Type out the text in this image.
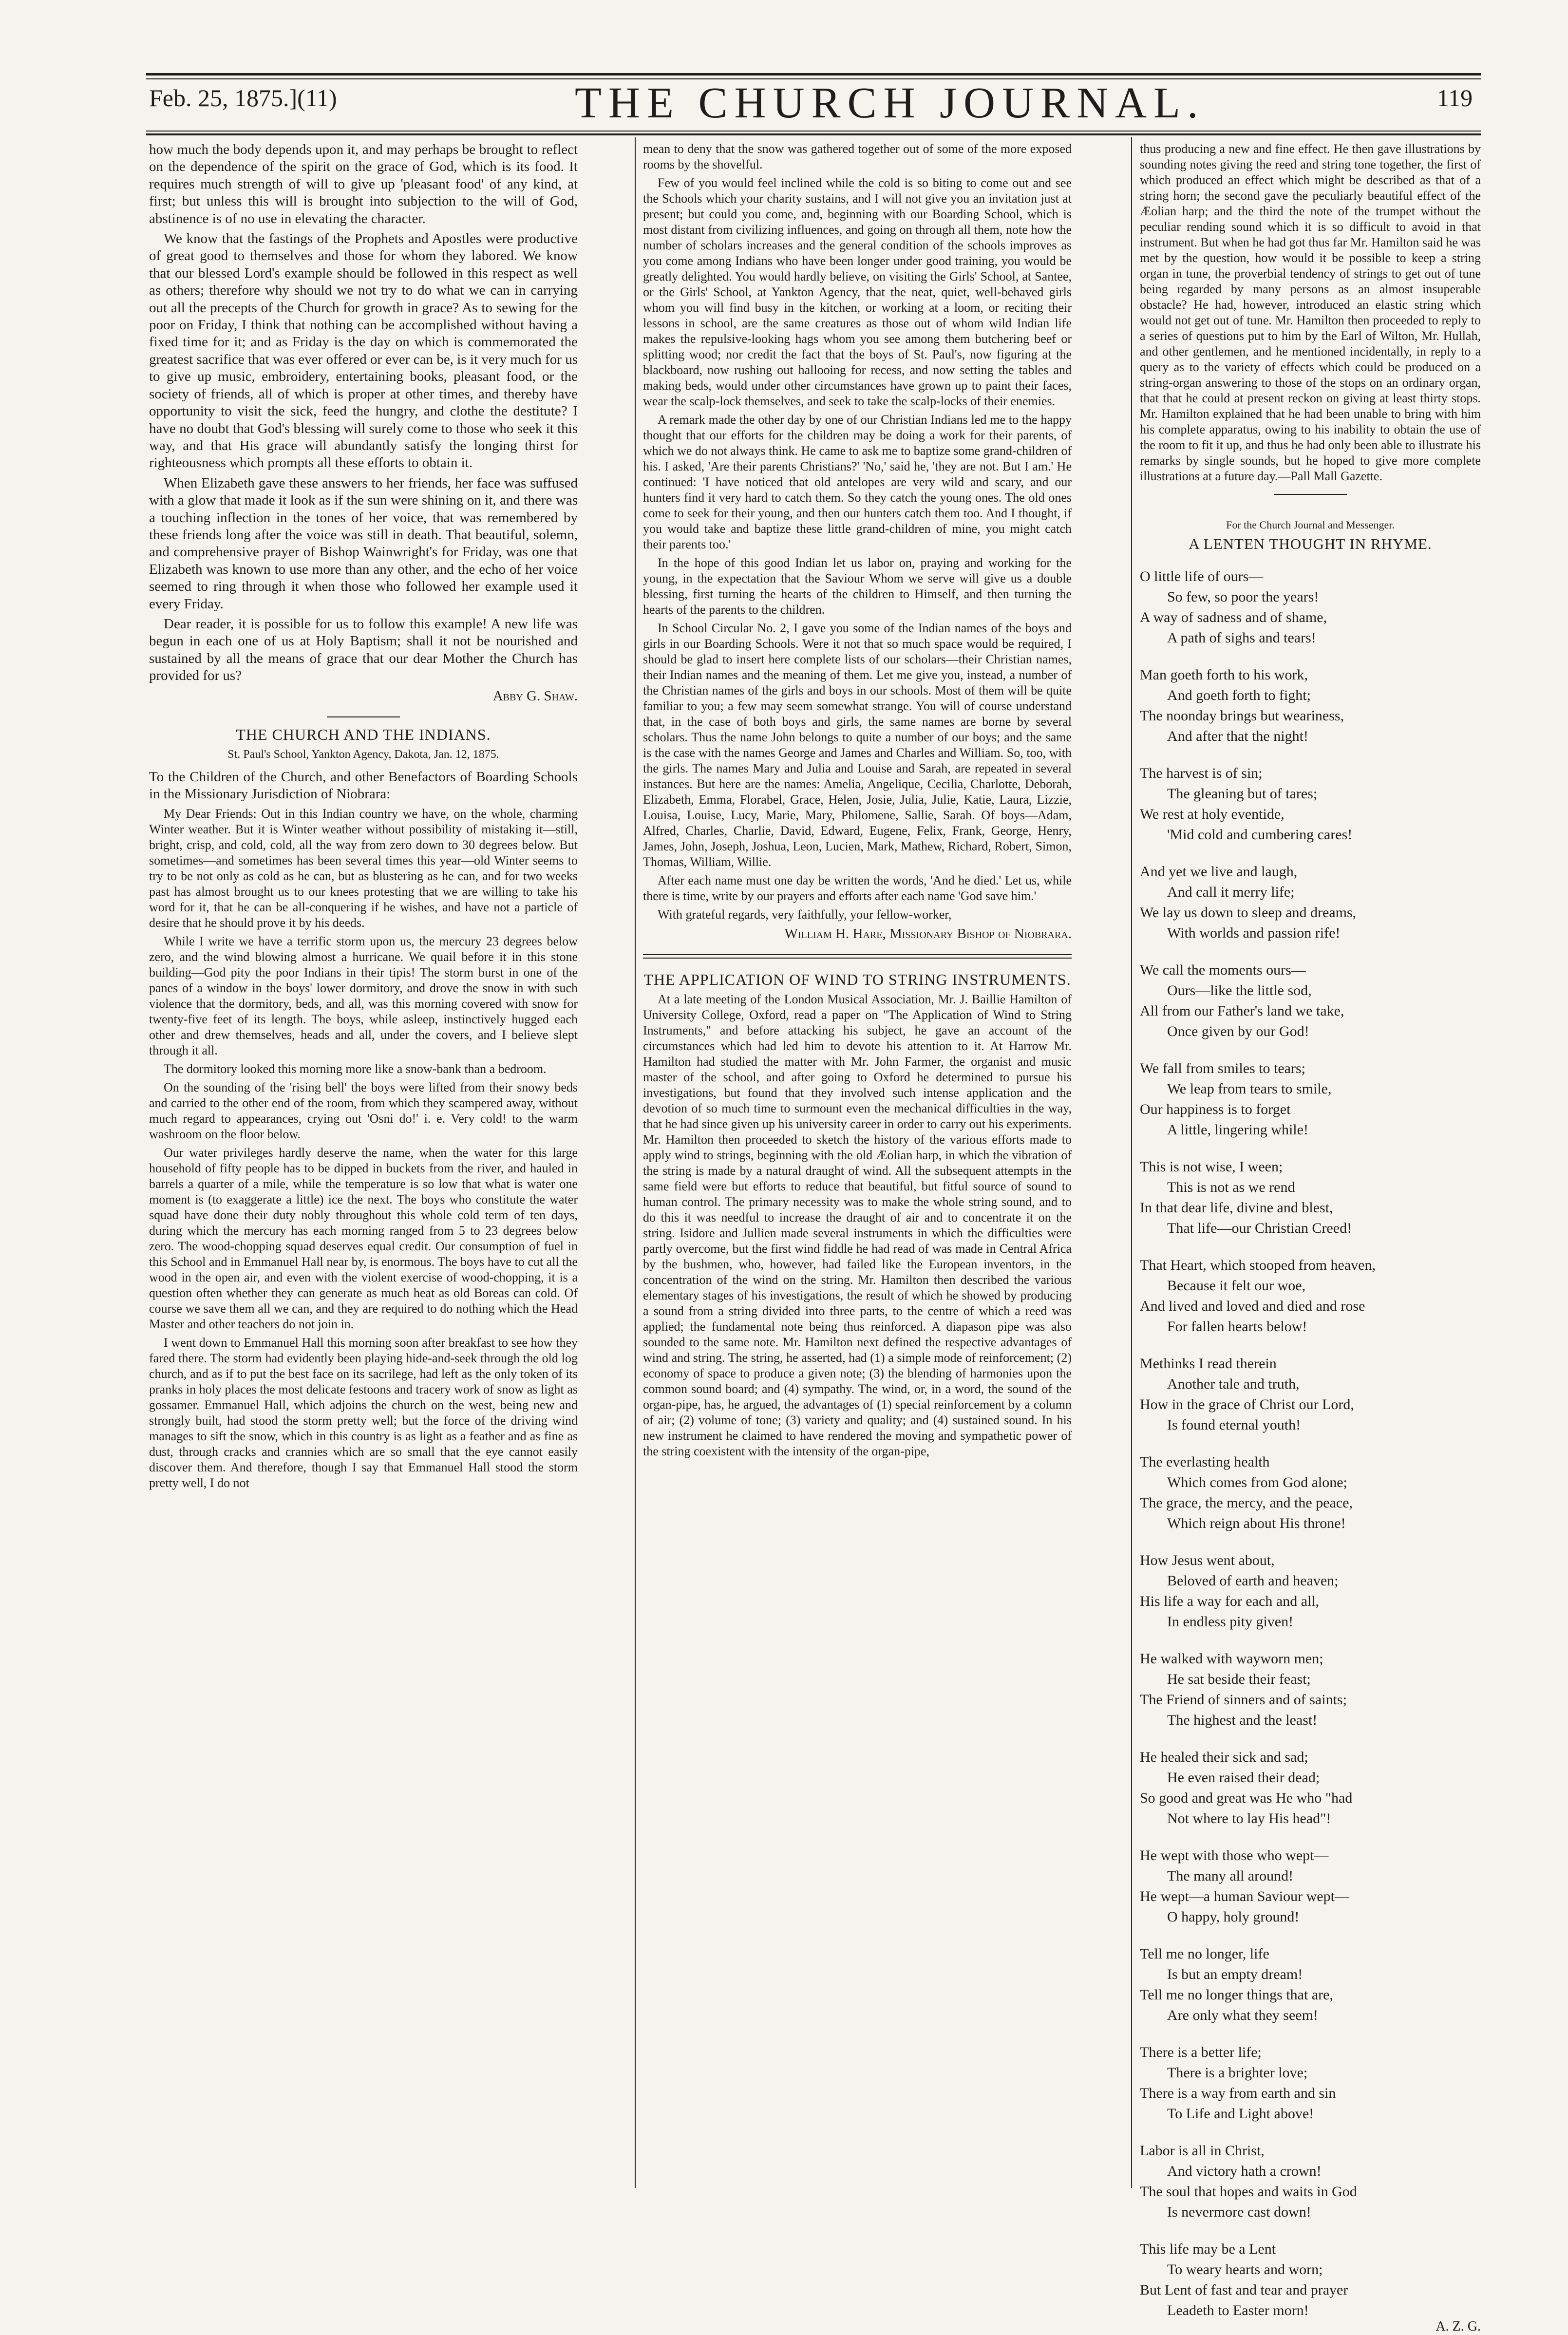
Feb. 25, 1875.](11)	THE CHURCH JOURNAL.	119

how much the body depends upon it, and may perhaps be brought to reflect on the dependence of the spirit on the grace of God, which is its food. It requires much strength of will to give up 'pleasant food' of any kind, at first; but unless this will is brought into subjection to the will of God, abstinence is of no use in elevating the character.

We know that the fastings of the Prophets and Apostles were productive of great good to themselves and those for whom they labored. We know that our blessed Lord's example should be followed in this respect as well as others; therefore why should we not try to do what we can in carrying out all the precepts of the Church for growth in grace? As to sewing for the poor on Friday, I think that nothing can be accomplished without having a fixed time for it; and as Friday is the day on which is commemorated the greatest sacrifice that was ever offered or ever can be, is it very much for us to give up music, embroidery, entertaining books, pleasant food, or the society of friends, all of which is proper at other times, and thereby have opportunity to visit the sick, feed the hungry, and clothe the destitute? I have no doubt that God's blessing will surely come to those who seek it this way, and that His grace will abundantly satisfy the longing thirst for righteousness which prompts all these efforts to obtain it.

When Elizabeth gave these answers to her friends, her face was suffused with a glow that made it look as if the sun were shining on it, and there was a touching inflection in the tones of her voice, that was remembered by these friends long after the voice was still in death. That beautiful, solemn, and comprehensive prayer of Bishop Wainwright's for Friday, was one that Elizabeth was known to use more than any other, and the echo of her voice seemed to ring through it when those who followed her example used it every Friday.

Dear reader, it is possible for us to follow this example! A new life was begun in each one of us at Holy Baptism; shall it not be nourished and sustained by all the means of grace that our dear Mother the Church has provided for us?

Abby G. Shaw.
THE CHURCH AND THE INDIANS.
St. Paul's School, Yankton Agency, Dakota, Jan. 12, 1875.

To the Children of the Church, and other Benefactors of Boarding Schools in the Missionary Jurisdiction of Niobrara:

My Dear Friends: Out in this Indian country we have, on the whole, charming Winter weather. But it is Winter weather without possibility of mistaking it—still, bright, crisp, and cold, cold, all the way from zero down to 30 degrees below. But sometimes—and sometimes has been several times this year—old Winter seems to try to be not only as cold as he can, but as blustering as he can, and for two weeks past has almost brought us to our knees protesting that we are willing to take his word for it, that he can be all-conquering if he wishes, and have not a particle of desire that he should prove it by his deeds.

While I write we have a terrific storm upon us, the mercury 23 degrees below zero, and the wind blowing almost a hurricane. We quail before it in this stone building—God pity the poor Indians in their tipis! The storm burst in one of the panes of a window in the boys' lower dormitory, and drove the snow in with such violence that the dormitory, beds, and all, was this morning covered with snow for twenty-five feet of its length. The boys, while asleep, instinctively hugged each other and drew themselves, heads and all, under the covers, and I believe slept through it all.

The dormitory looked this morning more like a snow-bank than a bedroom.

On the sounding of the 'rising bell' the boys were lifted from their snowy beds and carried to the other end of the room, from which they scampered away, without much regard to appearances, crying out 'Osni do!' i. e. Very cold! to the warm washroom on the floor below.

Our water privileges hardly deserve the name, when the water for this large household of fifty people has to be dipped in buckets from the river, and hauled in barrels a quarter of a mile, while the temperature is so low that what is water one moment is (to exaggerate a little) ice the next. The boys who constitute the water squad have done their duty nobly throughout this whole cold term of ten days, during which the mercury has each morning ranged from 5 to 23 degrees below zero. The wood-chopping squad deserves equal credit. Our consumption of fuel in this School and in Emmanuel Hall near by, is enormous. The boys have to cut all the wood in the open air, and even with the violent exercise of wood-chopping, it is a question often whether they can generate as much heat as old Boreas can cold. Of course we save them all we can, and they are required to do nothing which the Head Master and other teachers do not join in.

I went down to Emmanuel Hall this morning soon after breakfast to see how they fared there. The storm had evidently been playing hide-and-seek through the old log church, and as if to put the best face on its sacrilege, had left as the only token of its pranks in holy places the most delicate festoons and tracery work of snow as light as gossamer. Emmanuel Hall, which adjoins the church on the west, being new and strongly built, had stood the storm pretty well; but the force of the driving wind manages to sift the snow, which in this country is as light as a feather and as fine as dust, through cracks and crannies which are so small that the eye cannot easily discover them. And therefore, though I say that Emmanuel Hall stood the storm pretty well, I do not

mean to deny that the snow was gathered together out of some of the more exposed rooms by the shovelful.

Few of you would feel inclined while the cold is so biting to come out and see the Schools which your charity sustains, and I will not give you an invitation just at present; but could you come, and, beginning with our Boarding School, which is most distant from civilizing influences, and going on through all them, note how the number of scholars increases and the general condition of the schools improves as you come among Indians who have been longer under good training, you would be greatly delighted. You would hardly believe, on visiting the Girls' School, at Santee, or the Girls' School, at Yankton Agency, that the neat, quiet, well-behaved girls whom you will find busy in the kitchen, or working at a loom, or reciting their lessons in school, are the same creatures as those out of whom wild Indian life makes the repulsive-looking hags whom you see among them butchering beef or splitting wood; nor credit the fact that the boys of St. Paul's, now figuring at the blackboard, now rushing out hallooing for recess, and now setting the tables and making beds, would under other circumstances have grown up to paint their faces, wear the scalp-lock themselves, and seek to take the scalp-locks of their enemies.

A remark made the other day by one of our Christian Indians led me to the happy thought that our efforts for the children may be doing a work for their parents, of which we do not always think. He came to ask me to baptize some grand-children of his. I asked, 'Are their parents Christians?' 'No,' said he, 'they are not. But I am.' He continued: 'I have noticed that old antelopes are very wild and scary, and our hunters find it very hard to catch them. So they catch the young ones. The old ones come to seek for their young, and then our hunters catch them too. And I thought, if you would take and baptize these little grand-children of mine, you might catch their parents too.'

In the hope of this good Indian let us labor on, praying and working for the young, in the expectation that the Saviour Whom we serve will give us a double blessing, first turning the hearts of the children to Himself, and then turning the hearts of the parents to the children.

In School Circular No. 2, I gave you some of the Indian names of the boys and girls in our Boarding Schools. Were it not that so much space would be required, I should be glad to insert here complete lists of our scholars—their Christian names, their Indian names and the meaning of them. Let me give you, instead, a number of the Christian names of the girls and boys in our schools. Most of them will be quite familiar to you; a few may seem somewhat strange. You will of course understand that, in the case of both boys and girls, the same names are borne by several scholars. Thus the name John belongs to quite a number of our boys; and the same is the case with the names George and James and Charles and William. So, too, with the girls. The names Mary and Julia and Louise and Sarah, are repeated in several instances. But here are the names: Amelia, Angelique, Cecilia, Charlotte, Deborah, Elizabeth, Emma, Florabel, Grace, Helen, Josie, Julia, Julie, Katie, Laura, Lizzie, Louisa, Louise, Lucy, Marie, Mary, Philomene, Sallie, Sarah. Of boys—Adam, Alfred, Charles, Charlie, David, Edward, Eugene, Felix, Frank, George, Henry, James, John, Joseph, Joshua, Leon, Lucien, Mark, Mathew, Richard, Robert, Simon, Thomas, William, Willie.

After each name must one day be written the words, 'And he died.' Let us, while there is time, write by our prayers and efforts after each name 'God save him.'

With grateful regards, very faithfully, your fellow-worker,

William H. Hare, Missionary Bishop of Niobrara.
THE APPLICATION OF WIND TO STRING INSTRUMENTS.

At a late meeting of the London Musical Association, Mr. J. Baillie Hamilton of University College, Oxford, read a paper on "The Application of Wind to String Instruments," and before attacking his subject, he gave an account of the circumstances which had led him to devote his attention to it. At Harrow Mr. Hamilton had studied the matter with Mr. John Farmer, the organist and music master of the school, and after going to Oxford he determined to pursue his investigations, but found that they involved such intense application and the devotion of so much time to surmount even the mechanical difficulties in the way, that he had since given up his university career in order to carry out his experiments. Mr. Hamilton then proceeded to sketch the history of the various efforts made to apply wind to strings, beginning with the old Æolian harp, in which the vibration of the string is made by a natural draught of wind. All the subsequent attempts in the same field were but efforts to reduce that beautiful, but fitful source of sound to human control. The primary necessity was to make the whole string sound, and to do this it was needful to increase the draught of air and to concentrate it on the string. Isidore and Jullien made several instruments in which the difficulties were partly overcome, but the first wind fiddle he had read of was made in Central Africa by the bushmen, who, however, had failed like the European inventors, in the concentration of the wind on the string. Mr. Hamilton then described the various elementary stages of his investigations, the result of which he showed by producing a sound from a string divided into three parts, to the centre of which a reed was applied; the fundamental note being thus reinforced. A diapason pipe was also sounded to the same note. Mr. Hamilton next defined the respective advantages of wind and string. The string, he asserted, had (1) a simple mode of reinforcement; (2) economy of space to produce a given note; (3) the blending of harmonies upon the common sound board; and (4) sympathy. The wind, or, in a word, the sound of the organ-pipe, has, he argued, the advantages of (1) special reinforcement by a column of air; (2) volume of tone; (3) variety and quality; and (4) sustained sound. In his new instrument he claimed to have rendered the moving and sympathetic power of the string coexistent with the intensity of the organ-pipe,

thus producing a new and fine effect. He then gave illustrations by sounding notes giving the reed and string tone together, the first of which produced an effect which might be described as that of a string horn; the second gave the peculiarly beautiful effect of the Æolian harp; and the third the note of the trumpet without the peculiar rending sound which it is so difficult to avoid in that instrument. But when he had got thus far Mr. Hamilton said he was met by the question, how would it be possible to keep a string organ in tune, the proverbial tendency of strings to get out of tune being regarded by many persons as an almost insuperable obstacle? He had, however, introduced an elastic string which would not get out of tune. Mr. Hamilton then proceeded to reply to a series of questions put to him by the Earl of Wilton, Mr. Hullah, and other gentlemen, and he mentioned incidentally, in reply to a query as to the variety of effects which could be produced on a string-organ answering to those of the stops on an ordinary organ, that that he could at present reckon on giving at least thirty stops. Mr. Hamilton explained that he had been unable to bring with him his complete apparatus, owing to his inability to obtain the use of the room to fit it up, and thus he had only been able to illustrate his remarks by single sounds, but he hoped to give more complete illustrations at a future day.—Pall Mall Gazette.

For the Church Journal and Messenger.
A LENTEN THOUGHT IN RHYME.
O little life of ours—
So few, so poor the years!
A way of sadness and of shame,
A path of sighs and tears!
Man goeth forth to his work,
And goeth forth to fight;
The noonday brings but weariness,
And after that the night!
The harvest is of sin;
The gleaning but of tares;
We rest at holy eventide,
'Mid cold and cumbering cares!
And yet we live and laugh,
And call it merry life;
We lay us down to sleep and dreams,
With worlds and passion rife!
We call the moments ours—
Ours—like the little sod,
All from our Father's land we take,
Once given by our God!
We fall from smiles to tears;
We leap from tears to smile,
Our happiness is to forget
A little, lingering while!
This is not wise, I ween;
This is not as we rend
In that dear life, divine and blest,
That life—our Christian Creed!
That Heart, which stooped from heaven,
Because it felt our woe,
And lived and loved and died and rose
For fallen hearts below!
Methinks I read therein
Another tale and truth,
How in the grace of Christ our Lord,
Is found eternal youth!
The everlasting health
Which comes from God alone;
The grace, the mercy, and the peace,
Which reign about His throne!
How Jesus went about,
Beloved of earth and heaven;
His life a way for each and all,
In endless pity given!
He walked with wayworn men;
He sat beside their feast;
The Friend of sinners and of saints;
The highest and the least!
He healed their sick and sad;
He even raised their dead;
So good and great was He who "had
Not where to lay His head"!
He wept with those who wept—
The many all around!
He wept—a human Saviour wept—
O happy, holy ground!
Tell me no longer, life
Is but an empty dream!
Tell me no longer things that are,
Are only what they seem!
There is a better life;
There is a brighter love;
There is a way from earth and sin
To Life and Light above!
Labor is all in Christ,
And victory hath a crown!
The soul that hopes and waits in God
Is nevermore cast down!
This life may be a Lent
To weary hearts and worn;
But Lent of fast and tear and prayer
Leadeth to Easter morn!
A. Z. G.
